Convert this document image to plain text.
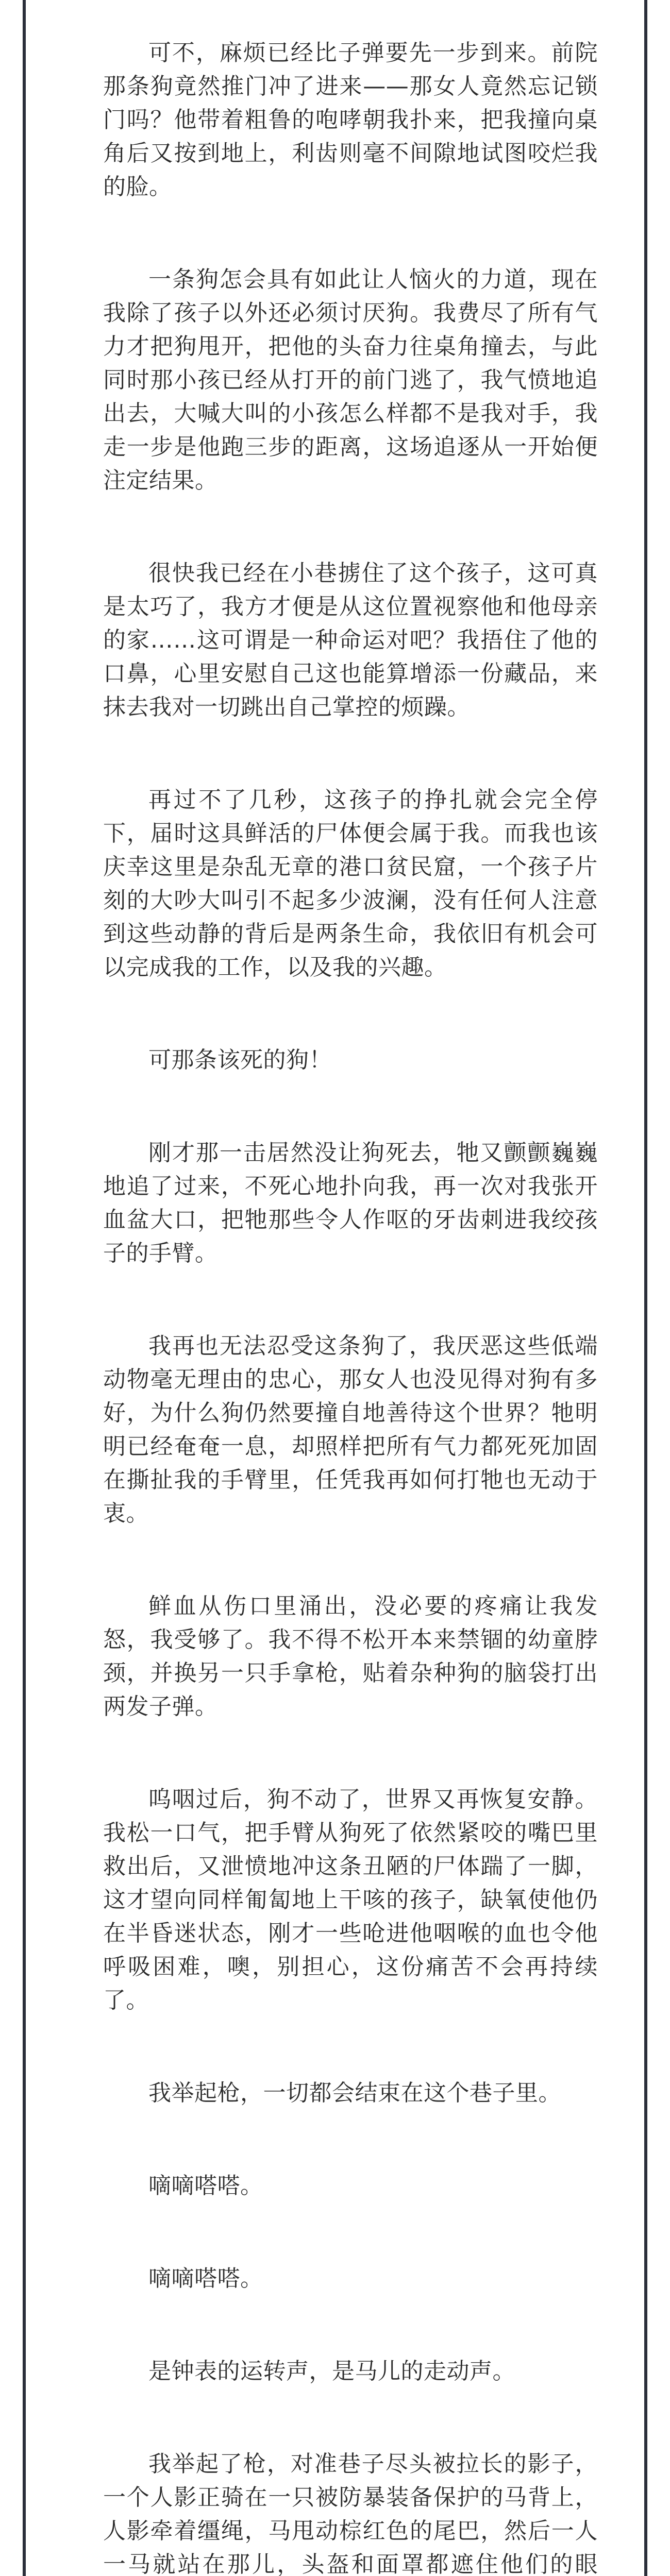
可不，麻烦已经比子弹要先一步到来。前院那条狗竟然推门冲了进来——那女人竟然忘记锁门吗？他带着粗鲁的咆哮朝我扑来，把我撞向桌角后又按到地上，利齿则毫不间隙地试图咬烂我的脸。

一条狗怎会具有如此让人恼火的力道，现在我除了孩子以外还必须讨厌狗。我费尽了所有气力才把狗甩开，把他的头奋力往桌角撞去，与此同时那小孩已经从打开的前门逃了，我气愤地追出去，大喊大叫的小孩怎么样都不是我对手，我走一步是他跑三步的距离，这场追逐从一开始便注定结果。

很快我已经在小巷掳住了这个孩子，这可真是太巧了，我方才便是从这位置视察他和他母亲的家……这可谓是一种命运对吧？我捂住了他的口鼻，心里安慰自己这也能算增添一份藏品，来抹去我对一切跳出自己掌控的烦躁。

再过不了几秒，这孩子的挣扎就会完全停下，届时这具鲜活的尸体便会属于我。而我也该庆幸这里是杂乱无章的港口贫民窟，一个孩子片刻的大吵大叫引不起多少波澜，没有任何人注意到这些动静的背后是两条生命，我依旧有机会可以完成我的工作，以及我的兴趣。

可那条该死的狗！

刚才那一击居然没让狗死去，牠又颤颤巍巍地追了过来，不死心地扑向我，再一次对我张开血盆大口，把牠那些令人作呕的牙齿刺进我绞孩子的手臂。

我再也无法忍受这条狗了，我厌恶这些低端动物毫无理由的忠心，那女人也没见得对狗有多好，为什么狗仍然要撞自地善待这个世界？牠明明已经奄奄一息，却照样把所有气力都死死加固在撕扯我的手臂里，任凭我再如何打牠也无动于衷。

鲜血从伤口里涌出，没必要的疼痛让我发怒，我受够了。我不得不松开本来禁锢的幼童脖颈，并换另一只手拿枪，贴着杂种狗的脑袋打出两发子弹。

呜咽过后，狗不动了，世界又再恢复安静。我松一口气，把手臂从狗死了依然紧咬的嘴巴里救出后，又泄愤地冲这条丑陋的尸体踹了一脚，这才望向同样匍匐地上干咳的孩子，缺氧使他仍在半昏迷状态，刚才一些呛进他咽喉的血也令他呼吸困难，噢，别担心，这份痛苦不会再持续了。

我举起枪，一切都会结束在这个巷子里。

嘀嘀嗒嗒。

嘀嘀嗒嗒。

是钟表的运转声，是马儿的走动声。

我举起了枪，对准巷子尽头被拉长的影子，一个人影正骑在一只被防暴装备保护的马背上，人影牵着缰绳，马甩动棕红色的尾巴，然后一人一马就站在那儿，头盔和面罩都遮住他们的眼
